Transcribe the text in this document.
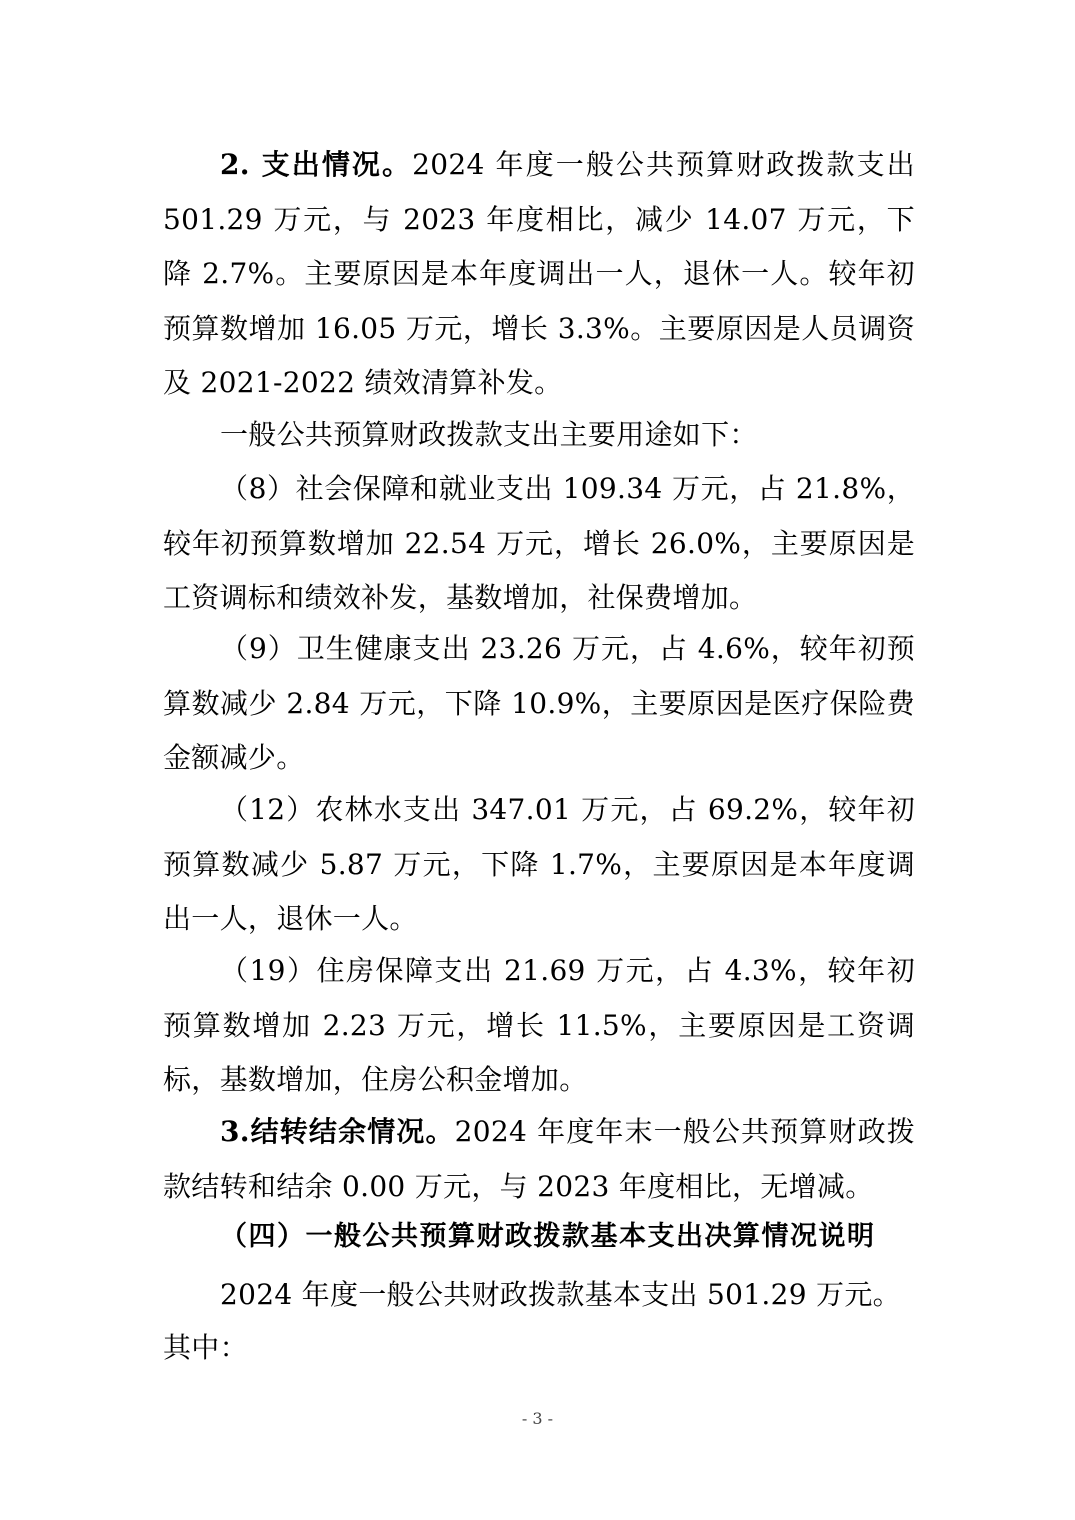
2. 支出情况。2024 年度一般公共预算财政拨款支出 501.29 万元，与 2023 年度相比，减少 14.07 万元，下降 2.7%。主要原因是本年度调出一人，退休一人。较年初预算数增加 16.05 万元，增长 3.3%。主要原因是人员调资及 2021-2022 绩效清算补发。

一般公共预算财政拨款支出主要用途如下：

（8）社会保障和就业支出 109.34 万元，占 21.8%，较年初预算数增加 22.54 万元，增长 26.0%，主要原因是工资调标和绩效补发，基数增加，社保费增加。

（9）卫生健康支出 23.26 万元，占 4.6%，较年初预算数减少 2.84 万元，下降 10.9%，主要原因是医疗保险费金额减少。

（12）农林水支出 347.01 万元，占 69.2%，较年初预算数减少 5.87 万元，下降 1.7%，主要原因是本年度调出一人，退休一人。

（19）住房保障支出 21.69 万元，占 4.3%，较年初预算数增加 2.23 万元，增长 11.5%，主要原因是工资调标，基数增加，住房公积金增加。

3.结转结余情况。2024 年度年末一般公共预算财政拨款结转和结余 0.00 万元，与 2023 年度相比，无增减。

（四）一般公共预算财政拨款基本支出决算情况说明

2024 年度一般公共财政拨款基本支出 501.29 万元。

其中：

- 3 -
